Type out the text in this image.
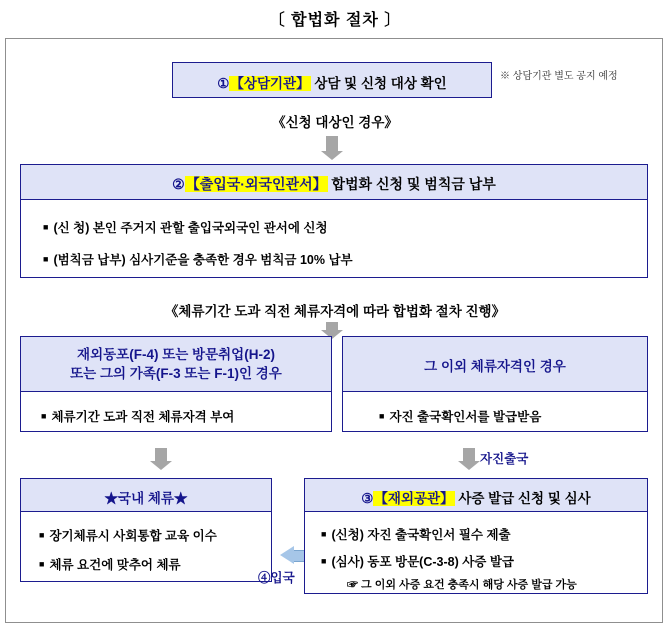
〔 합법화 절차 〕
①【상담기관】 상담 및 신청 대상 확인	※ 상담기관 별도 공지 예정
《신청 대상인 경우》
②【출입국·외국인관서】 합법화 신청 및 범칙금 납부
■ (신 청) 본인 주거지 관할 출입국외국인 관서에 신청
■ (범칙금 납부) 심사기준을 충족한 경우 범칙금 10% 납부
《체류기간 도과 직전 체류자격에 따라 합법화 절차 진행》
재외동포(F-4) 또는 방문취업(H-2)
또는 그의 가족(F-3 또는 F-1)인 경우
■ 체류기간 도과 직전 체류자격 부여
그 이외 체류자격인 경우
■ 자진 출국확인서를 발급받음
자진출국
★국내 체류★
■ 장기체류시 사회통합 교육 이수
■ 체류 요건에 맞추어 체류
④입국
③【재외공관】 사증 발급 신청 및 심사
■ (신청) 자진 출국확인서 필수 제출
■ (심사) 동포 방문(C-3-8) 사증 발급
☞ 그 이외 사증 요건 충족시 해당 사증 발급 가능
